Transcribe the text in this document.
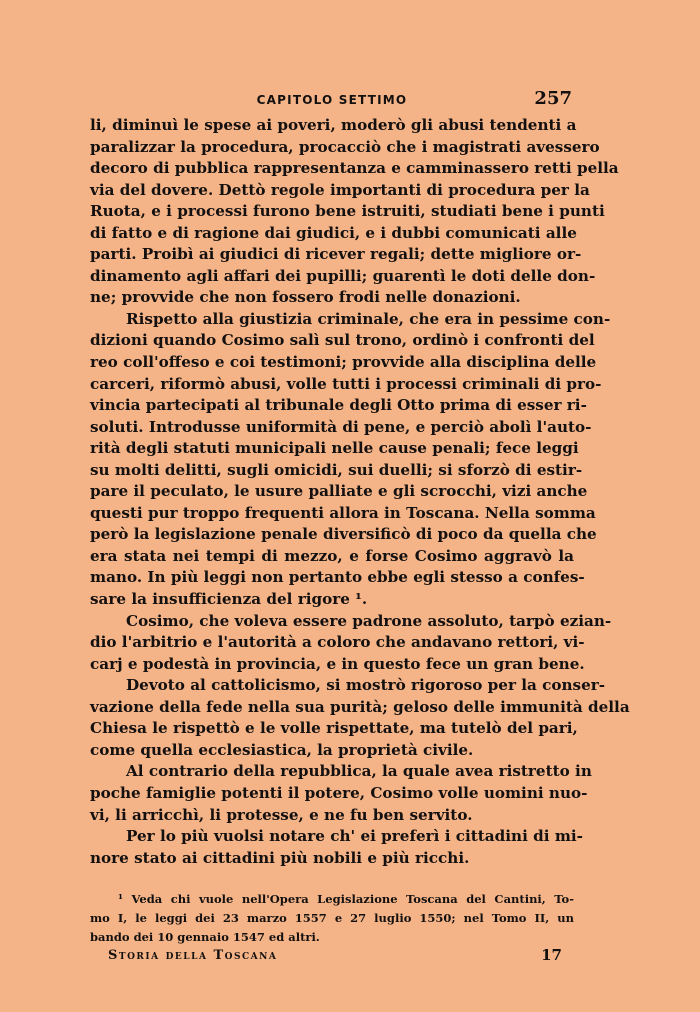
CAPITOLO SETTIMO	257
li, diminuì le spese ai poveri, moderò gli abusi tendenti a
paralizzar la procedura, procacciò che i magistrati avessero
decoro di pubblica rappresentanza e camminassero retti pella
via del dovere. Dettò regole importanti di procedura per la
Ruota, e i processi furono bene istruiti, studiati bene i punti
di fatto e di ragione dai giudici, e i dubbi comunicati alle
parti. Proibì ai giudici di ricever regali; dette migliore or-
dinamento agli affari dei pupilli; guarentì le doti delle don-
ne; provvide che non fossero frodi nelle donazioni.
Rispetto alla giustizia criminale, che era in pessime con-
dizioni quando Cosimo salì sul trono, ordinò i confronti del
reo coll'offeso e coi testimoni; provvide alla disciplina delle
carceri, riformò abusi, volle tutti i processi criminali di pro-
vincia partecipati al tribunale degli Otto prima di esser ri-
soluti. Introdusse uniformità di pene, e perciò abolì l'auto-
rità degli statuti municipali nelle cause penali; fece leggi
su molti delitti, sugli omicidi, sui duelli; si sforzò di estir-
pare il peculato, le usure palliate e gli scrocchi, vizi anche
questi pur troppo frequenti allora in Toscana. Nella somma
però la legislazione penale diversificò di poco da quella che
era stata nei tempi di mezzo, e forse Cosimo aggravò la
mano. In più leggi non pertanto ebbe egli stesso a confes-
sare la insufficienza del rigore ¹.
Cosimo, che voleva essere padrone assoluto, tarpò ezian-
dio l'arbitrio e l'autorità a coloro che andavano rettori, vi-
carj e podestà in provincia, e in questo fece un gran bene.
Devoto al cattolicismo, si mostrò rigoroso per la conser-
vazione della fede nella sua purità; geloso delle immunità della
Chiesa le rispettò e le volle rispettate, ma tutelò del pari,
come quella ecclesiastica, la proprietà civile.
Al contrario della repubblica, la quale avea ristretto in
poche famiglie potenti il potere, Cosimo volle uomini nuo-
vi, li arricchì, li protesse, e ne fu ben servito.
Per lo più vuolsi notare ch' ei preferì i cittadini di mi-
nore stato ai cittadini più nobili e più ricchi.
¹ Veda chi vuole nell'Opera Legislazione Toscana del Cantini, To-
mo I, le leggi dei 23 marzo 1557 e 27 luglio 1550; nel Tomo II, un
bando dei 10 gennaio 1547 ed altri.
Storia della Toscana	17
